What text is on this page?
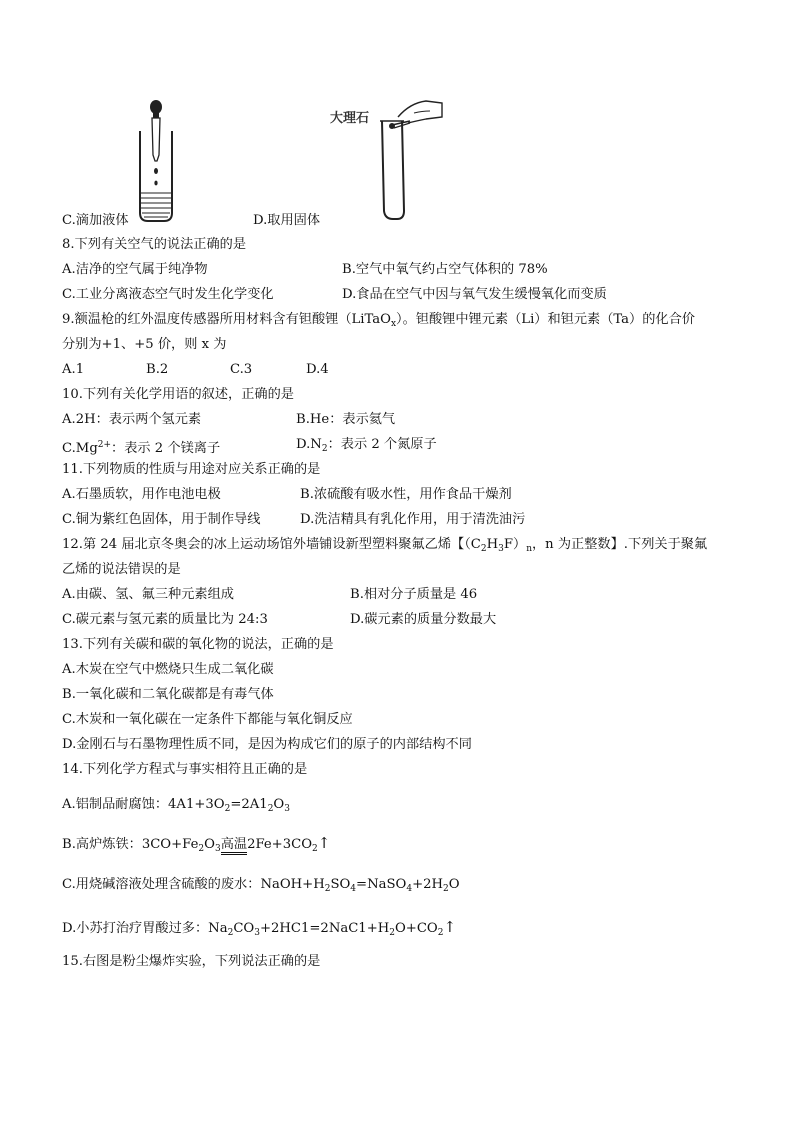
大理石
C.滴加液体	D.取用固体
8.下列有关空气的说法正确的是
A.洁净的空气属于纯净物	B.空气中氧气约占空气体积的 78%
C.工业分离液态空气时发生化学变化	D.食品在空气中因与氧气发生缓慢氧化而变质
9.额温枪的红外温度传感器所用材料含有钽酸锂（LiTaO$_x$）。钽酸锂中锂元素（Li）和钽元素（Ta）的化合价
分别为+1、+5 价，则 x 为
A.1	B.2	C.3	D.4
10.下列有关化学用语的叙述，正确的是
A.2H：表示两个氢元素	B.He：表示氦气
$C.Mg^{2+}$：表示 2 个镁离子	$D.N_2$：表示 2 个氮原子
11.下列物质的性质与用途对应关系正确的是
A.石墨质软，用作电池电极	B.浓硫酸有吸水性，用作食品干燥剂
C.铜为紫红色固体，用于制作导线	D.洗洁精具有乳化作用，用于清洗油污
12.第 24 届北京冬奥会的冰上运动场馆外墙铺设新型塑料聚氟乙烯【$(C_2H_3F)_n$，n 为正整数】.下列关于聚氟
乙烯的说法错误的是
A.由碳、氢、氟三种元素组成	B.相对分子质量是 46
C.碳元素与氢元素的质量比为 24:3	D.碳元素的质量分数最大
13.下列有关碳和碳的氧化物的说法，正确的是
A.木炭在空气中燃烧只生成二氧化碳
B.一氧化碳和二氧化碳都是有毒气体
C.木炭和一氧化碳在一定条件下都能与氧化铜反应
D.金刚石与石墨物理性质不同，是因为构成它们的原子的内部结构不同
14.下列化学方程式与事实相符且正确的是
A.铝制品耐腐蚀：$4A1+3O_2=2A1_2O_3$
B.高炉炼铁：$3CO+Fe_2O_3$高温$2Fe+3CO_2↑$
C.用烧碱溶液处理含硫酸的废水：$NaOH+H_2SO_4=NaSO_4+2H_2O$
D.小苏打治疗胃酸过多：$Na_2CO_3+2HC1=2NaC1+H_2O+CO_2↑$
15.右图是粉尘爆炸实验，下列说法正确的是
